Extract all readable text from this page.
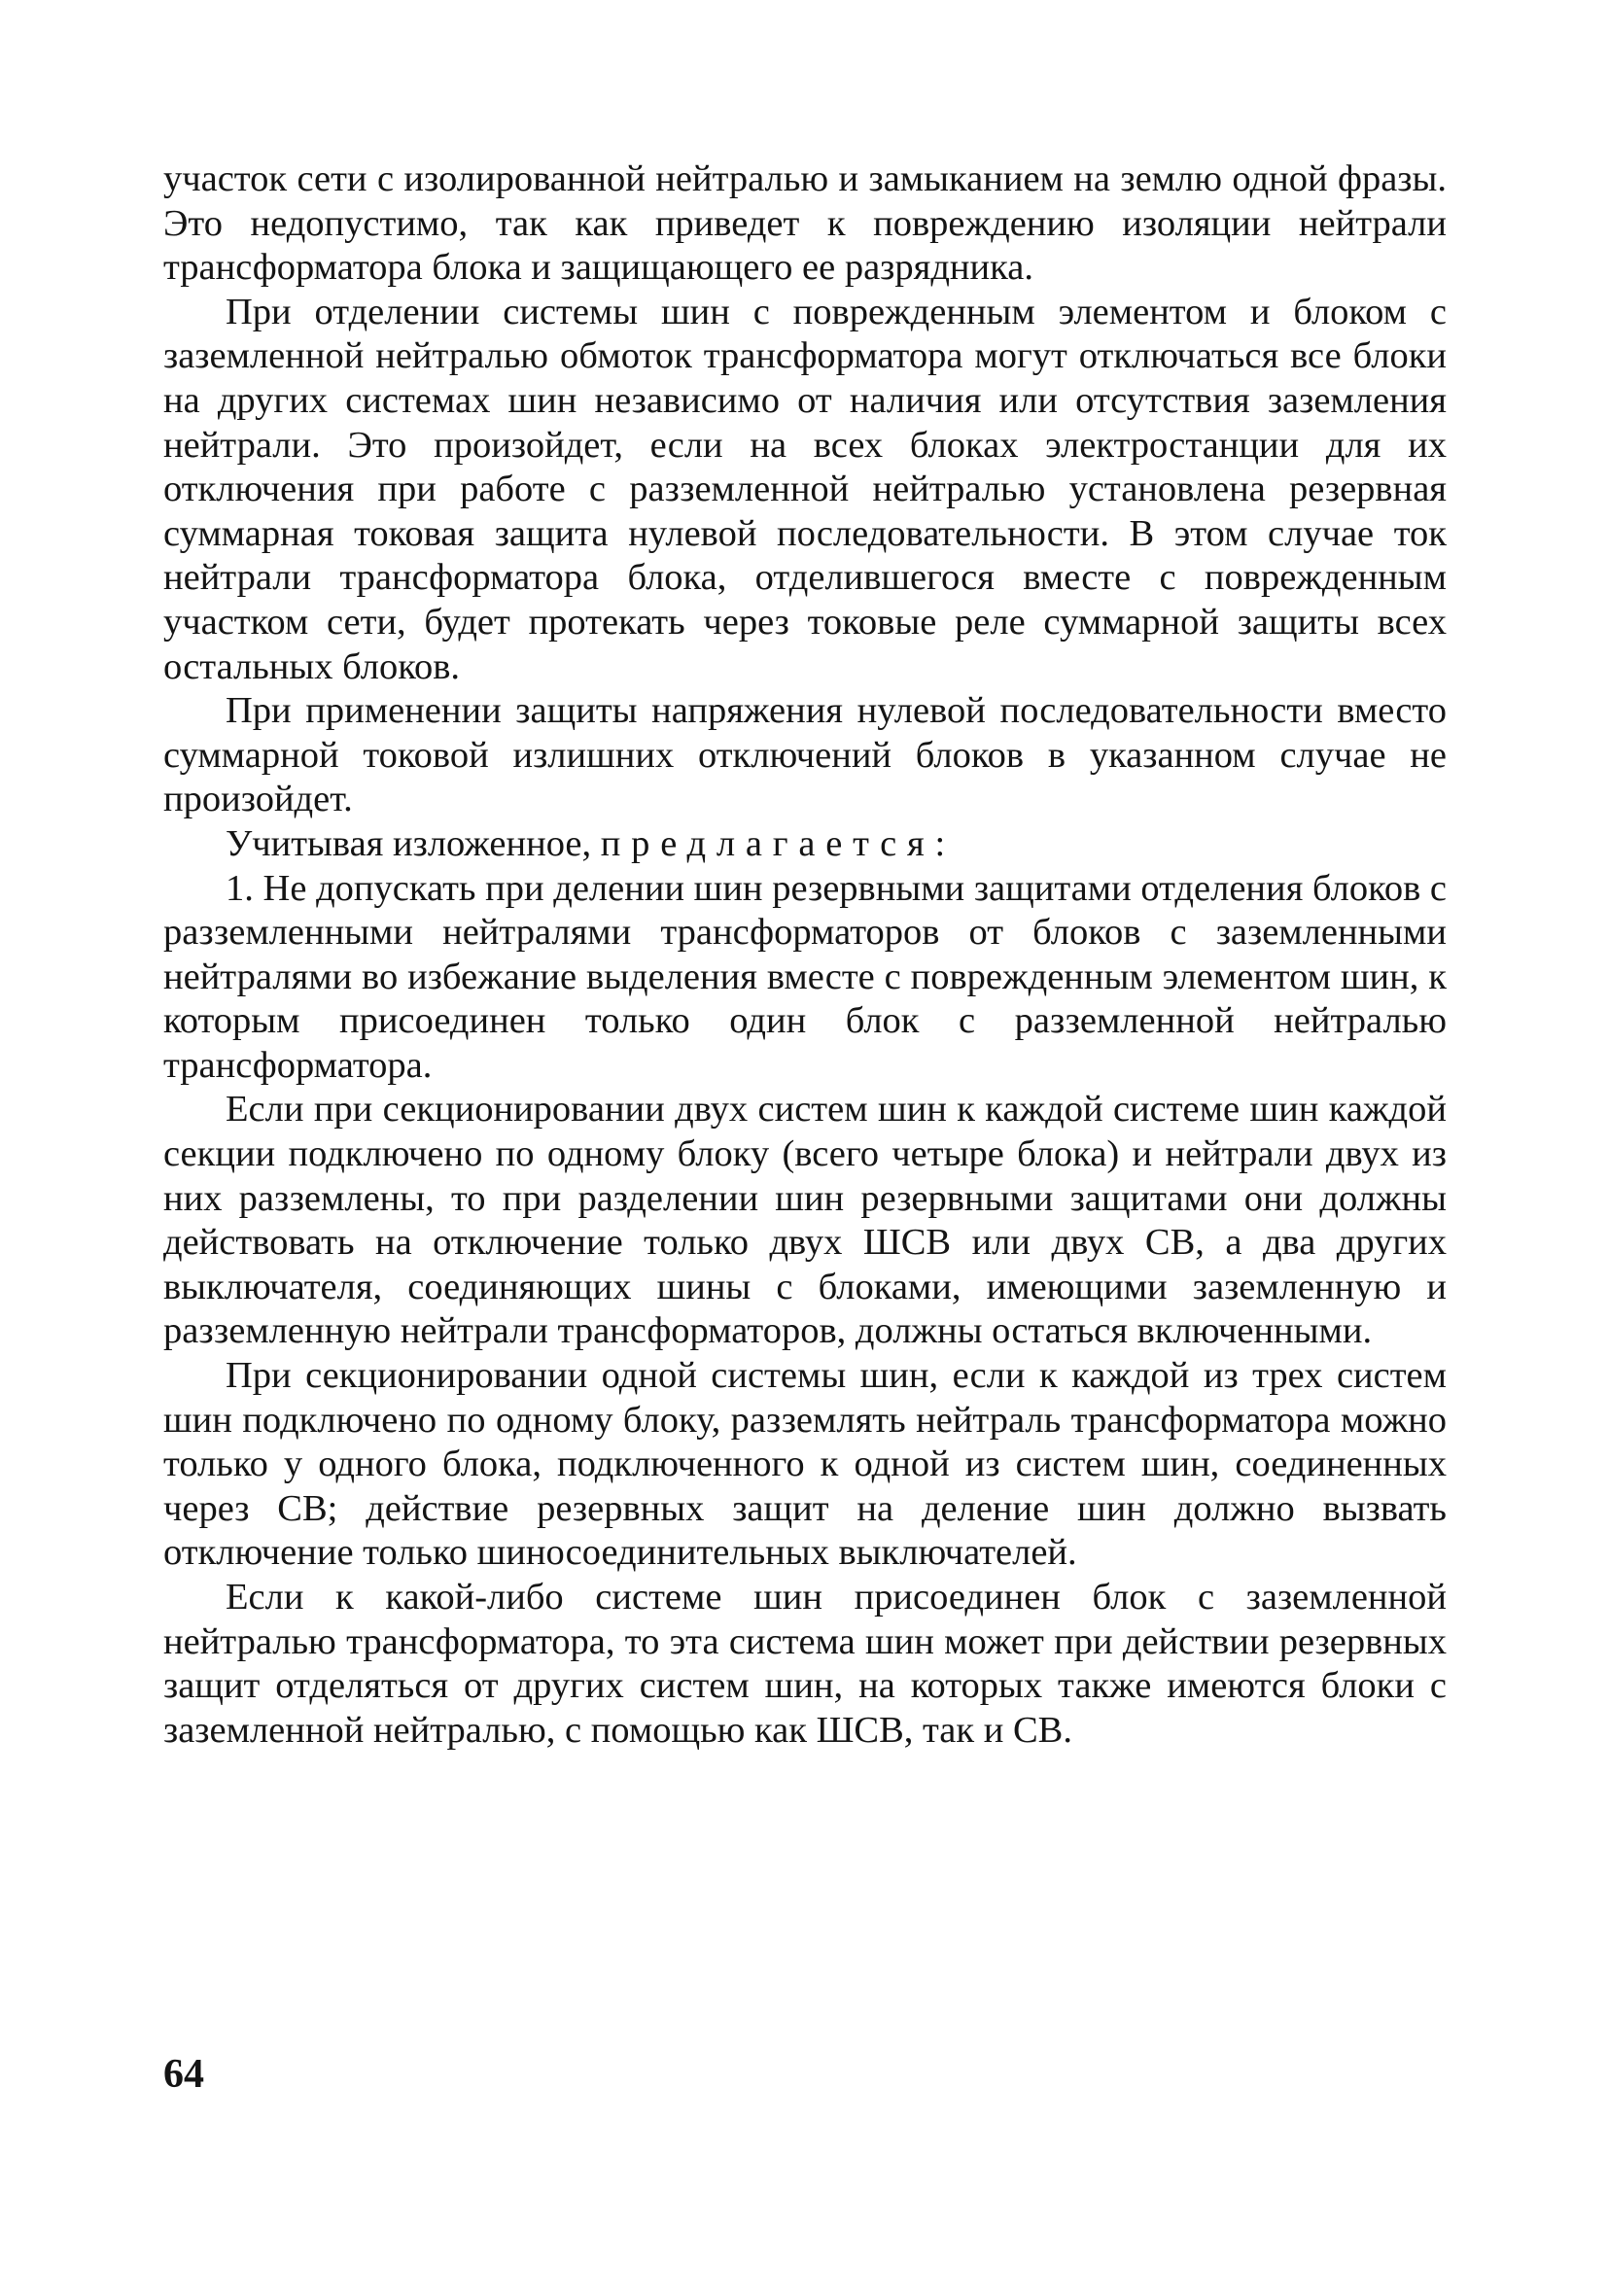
участок сети с изолированной нейтралью и замыканием на землю одной фразы. Это недопустимо, так как приведет к повреждению изоляции нейтрали трансформатора блока и защищающего ее разрядника.

При отделении системы шин с поврежденным элементом и блоком с заземленной нейтралью обмоток трансформатора могут отключаться все блоки на других системах шин независимо от наличия или отсутствия заземления нейтрали. Это произойдет, если на всех блоках электростанции для их отключения при работе с разземленной нейтралью установлена резервная суммарная токовая защита нулевой последовательности. В этом случае ток нейтрали трансформатора блока, отделившегося вместе с поврежденным участком сети, будет протекать через токовые реле суммарной защиты всех остальных блоков.

При применении защиты напряжения нулевой последовательности вместо суммарной токовой излишних отключений блоков в указанном случае не произойдет.

Учитывая изложенное, предлагается:

1. Не допускать при делении шин резервными защитами отделения блоков с разземленными нейтралями трансформаторов от блоков с заземленными нейтралями во избежание выделения вместе с поврежденным элементом шин, к которым присоединен только один блок с разземленной нейтралью трансформатора.

Если при секционировании двух систем шин к каждой системе шин каждой секции подключено по одному блоку (всего четыре блока) и нейтрали двух из них разземлены, то при разделении шин резервными защитами они должны действовать на отключение только двух ШСВ или двух СВ, а два других выключателя, соединяющих шины с блоками, имеющими заземленную и разземленную нейтрали трансформаторов, должны остаться включенными.

При секционировании одной системы шин, если к каждой из трех систем шин подключено по одному блоку, разземлять нейтраль трансформатора можно только у одного блока, подключенного к одной из систем шин, соединенных через СВ; действие резервных защит на деление шин должно вызвать отключение только шиносоединительных выключателей.

Если к какой-либо системе шин присоединен блок с заземленной нейтралью трансформатора, то эта система шин может при действии резервных защит отделяться от других систем шин, на которых также имеются блоки с заземленной нейтралью, с помощью как ШСВ, так и СВ.

64
